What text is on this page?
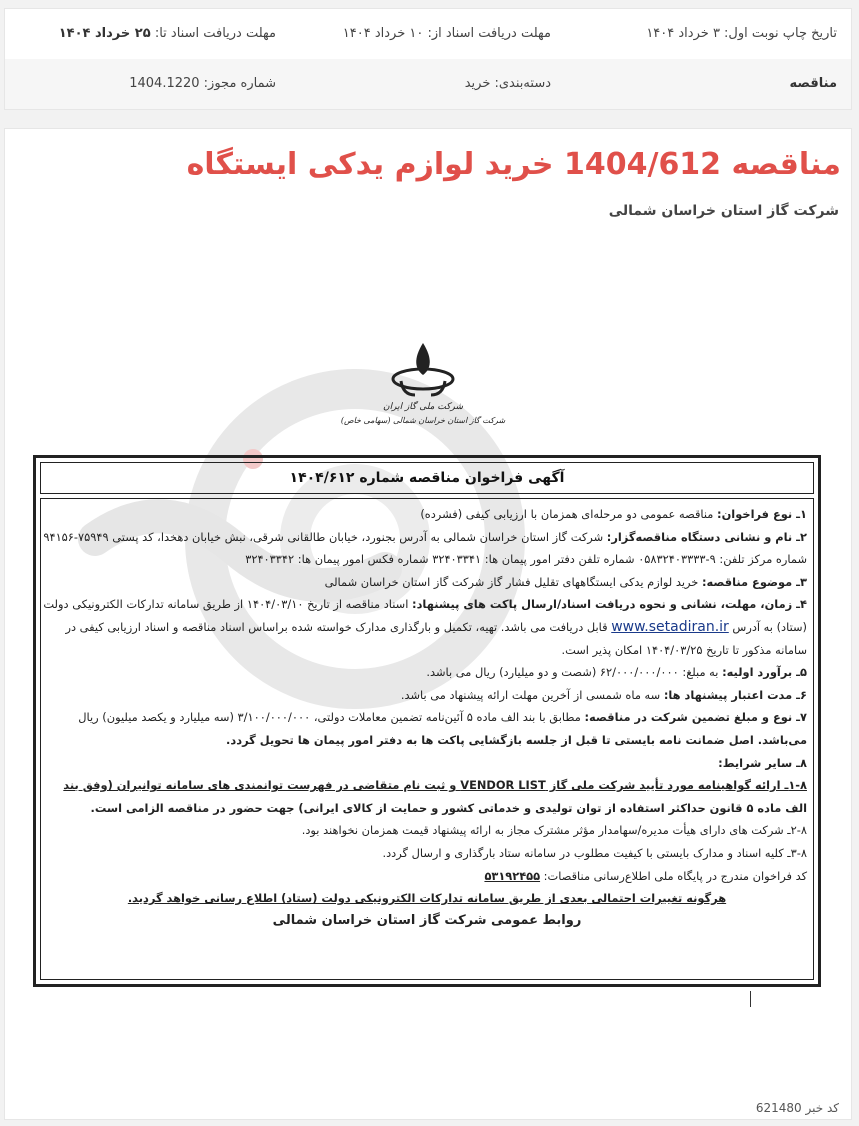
تاریخ چاپ نوبت اول: ۳ خرداد ۱۴۰۴
مهلت دریافت اسناد از: ۱۰ خرداد ۱۴۰۴
مهلت دریافت اسناد تا: ۲۵ خرداد ۱۴۰۴
مناقصه
دسته‌بندی: خرید
شماره مجوز: 1404.1220
مناقصه 1404/612 خرید لوازم یدکی ایستگاه
شرکت گاز استان خراسان شمالی
شرکت ملی گاز ایران
شرکت گاز استان خراسان شمالی (سهامی خاص)
آگهی فراخوان مناقصه شماره ۱۴۰۴/۶۱۲

۱ـ نوع فراخوان: مناقصه عمومی دو مرحله‌ای همزمان با ارزیابی کیفی (فشرده)

۲ـ نام و نشانی دستگاه مناقصه‌گزار: شرکت گاز استان خراسان شمالی به آدرس بجنورد، خیابان طالقانی شرقی، نبش خیابان دهخدا، کد پستی ۷۵۹۴۹-۹۴۱۵۶

شماره مرکز تلفن: ۹-۰۵۸۳۲۴۰۳۳۳۳ شماره تلفن دفتر امور پیمان ها: ۳۲۴۰۳۳۴۱ شماره فکس امور پیمان ها: ۳۲۴۰۳۳۴۲

۳ـ موضوع مناقصه: خرید لوازم یدکی ایستگاههای تقلیل فشار گاز شرکت گاز استان خراسان شمالی

۴ـ زمان، مهلت، نشانی و نحوه دریافت اسناد/ارسال پاکت های پیشنهاد: اسناد مناقصه از تاریخ ۱۴۰۴/۰۳/۱۰ از طریق سامانه تدارکات الکترونیکی دولت

(ستاد) به آدرس www.setadiran.ir قابل دریافت می باشد. تهیه، تکمیل و بارگذاری مدارک خواسته شده براساس اسناد مناقصه و اسناد ارزیابی کیفی در

سامانه مذکور تا تاریخ ۱۴۰۴/۰۳/۲۵ امکان پذیر است.

۵ـ برآورد اولیه: به مبلغ: ۶۲/۰۰۰/۰۰۰/۰۰۰ (شصت و دو میلیارد) ریال می باشد.

۶ـ مدت اعتبار پیشنهاد ها: سه ماه شمسی از آخرین مهلت ارائه پیشنهاد می باشد.

۷ـ نوع و مبلغ تضمین شرکت در مناقصه: مطابق با بند الف ماده ۵ آئین‌نامه تضمین معاملات دولتی، ۳/۱۰۰/۰۰۰/۰۰۰ (سه میلیارد و یکصد میلیون) ریال

می‌باشد. اصل ضمانت نامه بایستی تا قبل از جلسه بازگشایی پاکت ها به دفتر امور پیمان ها تحویل گردد.

۸ـ سایر شرایط:

۱-۸ـ ارائه گواهینامه مورد تأیید شرکت ملی گاز VENDOR LIST و ثبت نام متقاضی در فهرست توانمندی های سامانه توانیران (وفق بند

الف ماده ۵ قانون حداکثر استفاده از توان تولیدی و خدماتی کشور و حمایت از کالای ایرانی) جهت حضور در مناقصه الزامی است.

۲-۸ـ شرکت های دارای هیأت مدیره/سهامدار مؤثر مشترک مجاز به ارائه پیشنهاد قیمت همزمان نخواهند بود.

۳-۸ـ کلیه اسناد و مدارک بایستی با کیفیت مطلوب در سامانه ستاد بارگذاری و ارسال گردد.

کد فراخوان مندرج در پایگاه ملی اطلاع‌رسانی مناقصات: ۵۳۱۹۲۴۵۵

هرگونه تغییرات احتمالی بعدی از طریق سامانه تدارکات الکترونیکی دولت (ستاد) اطلاع رسانی خواهد گردید.

روابط عمومی شرکت گاز استان خراسان شمالی

کد خبر 621480
